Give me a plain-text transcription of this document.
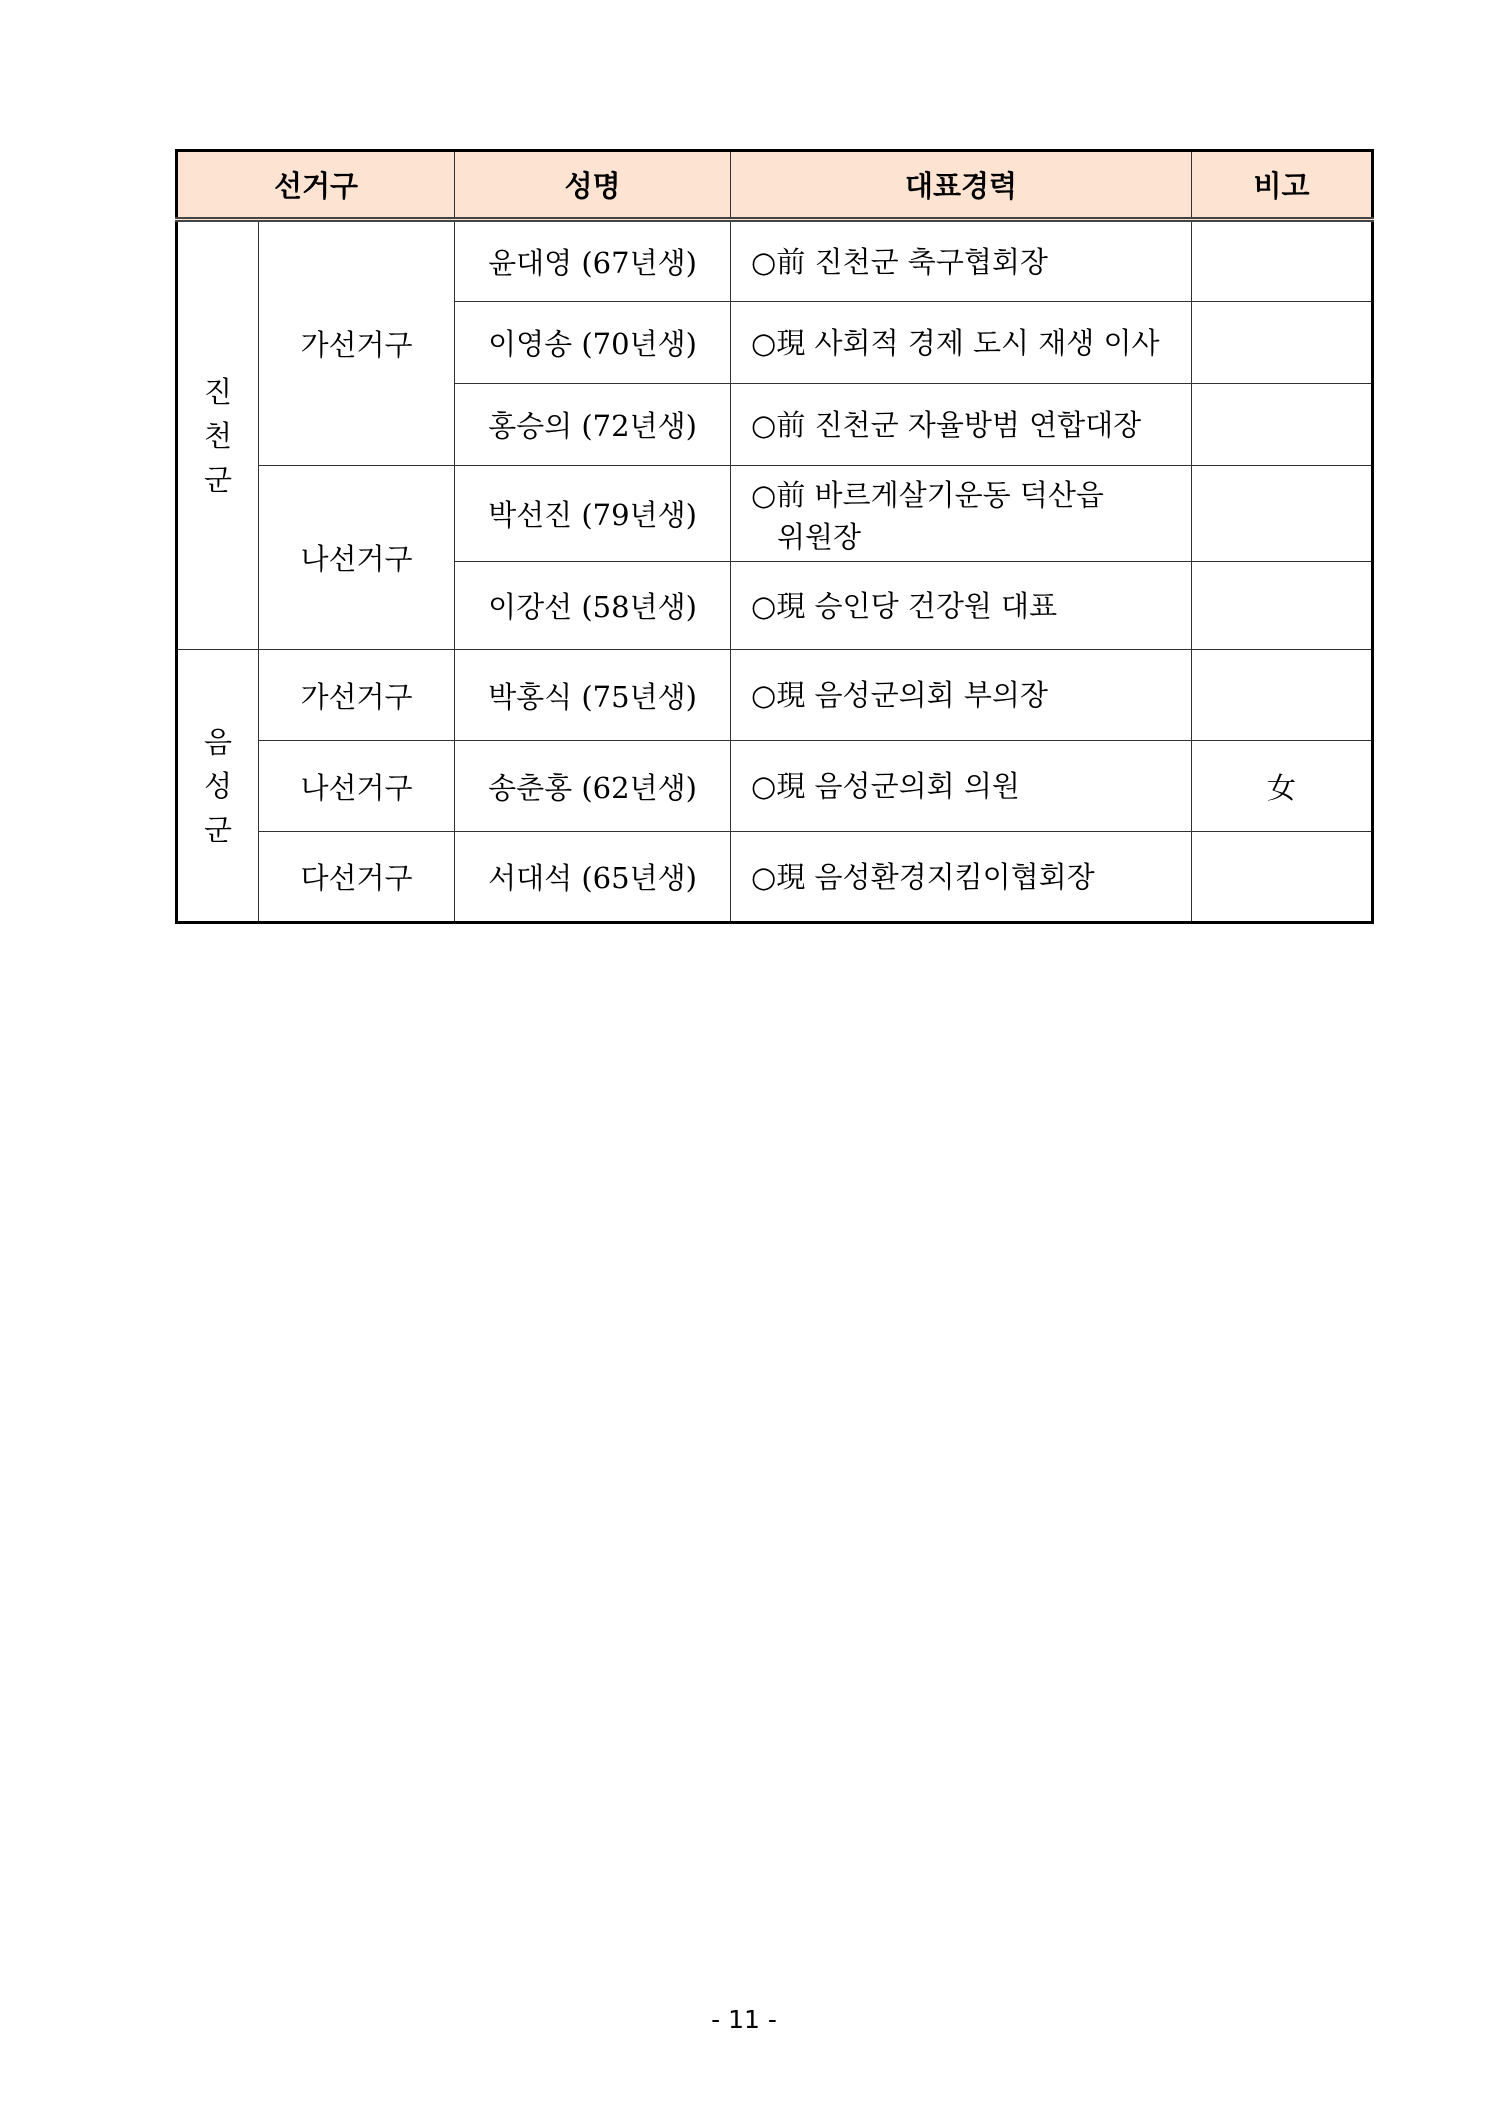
선거구		성명	대표경력	비고

진
천
군	가선거구	윤대영 (67년생)	○前 진천군 축구협회장	
		이영송 (70년생)	○現 사회적 경제 도시 재생 이사	
		홍승의 (72년생)	○前 진천군 자율방범 연합대장	
	나선거구	박선진 (79년생)	○前 바르게살기운동 덕산읍
위원장	

		이강선 (58년생)	○現 승인당 건강원 대표	

음
성
군	가선거구	박홍식 (75년생)	○現 음성군의회 부의장	
	나선거구	송춘홍 (62년생)	○現 음성군의회 의원	女
	다선거구	서대석 (65년생)	○現 음성환경지킴이협회장	
- 11 -
